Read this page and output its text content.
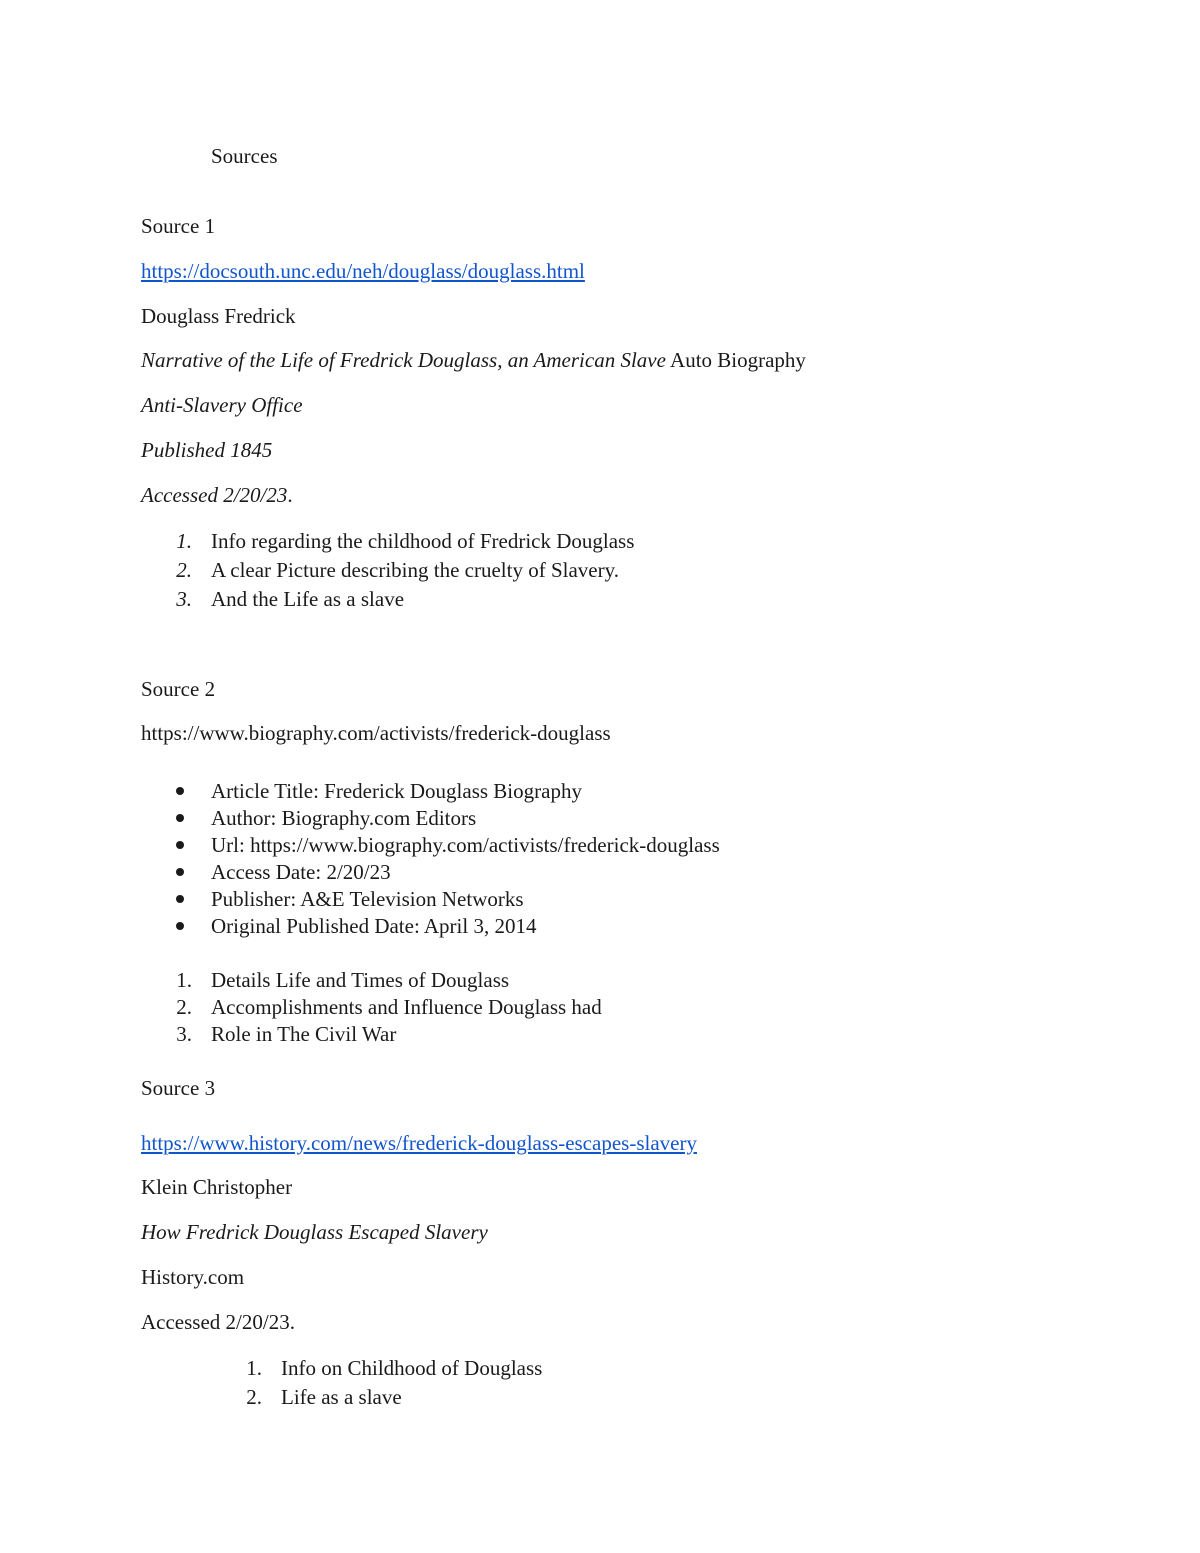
Sources

Source 1

https://docsouth.unc.edu/neh/douglass/douglass.html

Douglass Fredrick

Narrative of the Life of Fredrick Douglass, an American Slave Auto Biography

Anti-Slavery Office

Published 1845

Accessed 2/20/23.

1. Info regarding the childhood of Fredrick Douglass
2. A clear Picture describing the cruelty of Slavery.
3. And the Life as a slave

Source 2

https://www.biography.com/activists/frederick-douglass

Article Title: Frederick Douglass Biography
Author: Biography.com Editors
Url: https://www.biography.com/activists/frederick-douglass
Access Date: 2/20/23
Publisher: A&E Television Networks
Original Published Date: April 3, 2014
1. Details Life and Times of Douglass
2. Accomplishments and Influence Douglass had
3. Role in The Civil War

Source 3

https://www.history.com/news/frederick-douglass-escapes-slavery

Klein Christopher

How Fredrick Douglass Escaped Slavery

History.com

Accessed 2/20/23.

1. Info on Childhood of Douglass
2. Life as a slave
